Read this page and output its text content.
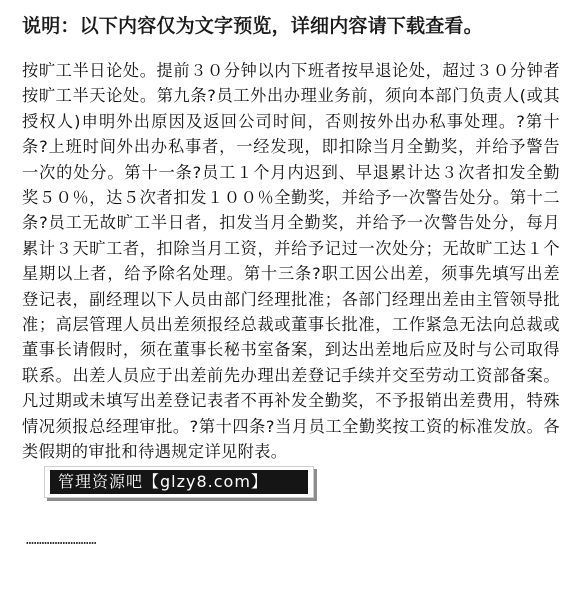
说明：以下内容仅为文字预览，详细内容请下载查看。
按旷工半日论处。提前３０分钟以内下班者按早退论处，超过３０分钟者按旷工半天论处。第九条?员工外出办理业务前，须向本部门负责人(或其授权人)申明外出原因及返回公司时间，否则按外出办私事处理。?第十条?上班时间外出办私事者，一经发现，即扣除当月全勤奖，并给予警告一次的处分。第十一条?员工１个月内迟到、早退累计达３次者扣发全勤奖５０％，达５次者扣发１００％全勤奖，并给予一次警告处分。第十二条?员工无故旷工半日者，扣发当月全勤奖，并给予一次警告处分，每月累计３天旷工者，扣除当月工资，并给予记过一次处分；无故旷工达１个星期以上者，给予除名处理。第十三条?职工因公出差，须事先填写出差登记表，副经理以下人员由部门经理批准；各部门经理出差由主管领导批准；高层管理人员出差须报经总裁或董事长批准，工作紧急无法向总裁或董事长请假时，须在董事长秘书室备案，到达出差地后应及时与公司取得联系。出差人员应于出差前先办理出差登记手续并交至劳动工资部备案。凡过期或未填写出差登记表者不再补发全勤奖，不予报销出差费用，特殊情况须报总经理审批。?第十四条?当月员工全勤奖按工资的标准发放。各类假期的审批和待遇规定详见附表。
管理资源吧【glzy8.com】
………………………
